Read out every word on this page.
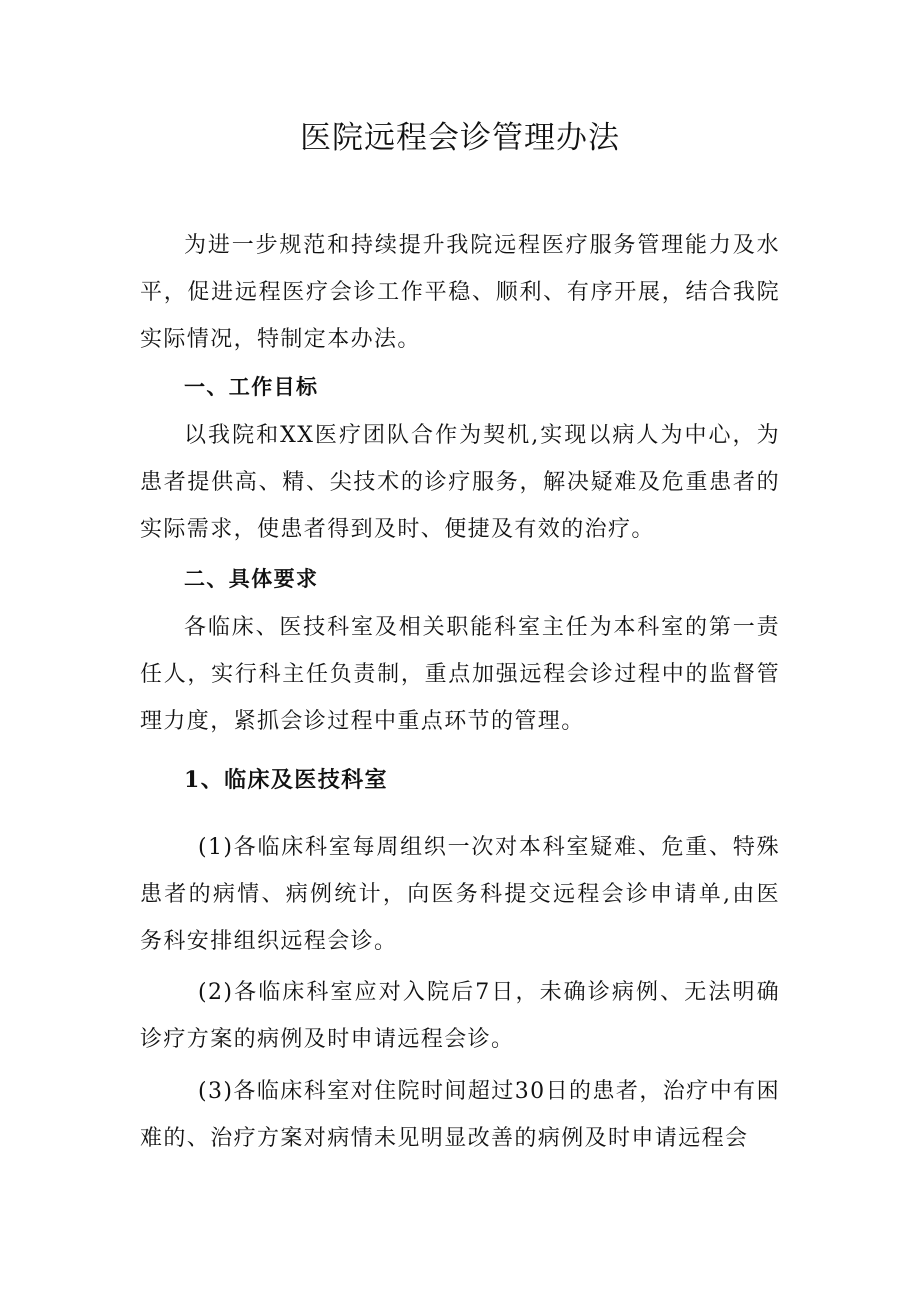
医院远程会诊管理办法

为进一步规范和持续提升我院远程医疗服务管理能力及水平，促进远程医疗会诊工作平稳、顺利、有序开展，结合我院实际情况，特制定本办法。

一、工作目标

以我院和XX医疗团队合作为契机,实现以病人为中心，为患者提供高、精、尖技术的诊疗服务，解决疑难及危重患者的实际需求，使患者得到及时、便捷及有效的治疗。

二、具体要求

各临床、医技科室及相关职能科室主任为本科室的第一责任人，实行科主任负责制，重点加强远程会诊过程中的监督管理力度，紧抓会诊过程中重点环节的管理。

1、临床及医技科室

(1)各临床科室每周组织一次对本科室疑难、危重、特殊患者的病情、病例统计，向医务科提交远程会诊申请单,由医务科安排组织远程会诊。

(2)各临床科室应对入院后7日，未确诊病例、无法明确诊疗方案的病例及时申请远程会诊。

(3)各临床科室对住院时间超过30日的患者，治疗中有困难的、治疗方案对病情未见明显改善的病例及时申请远程会
